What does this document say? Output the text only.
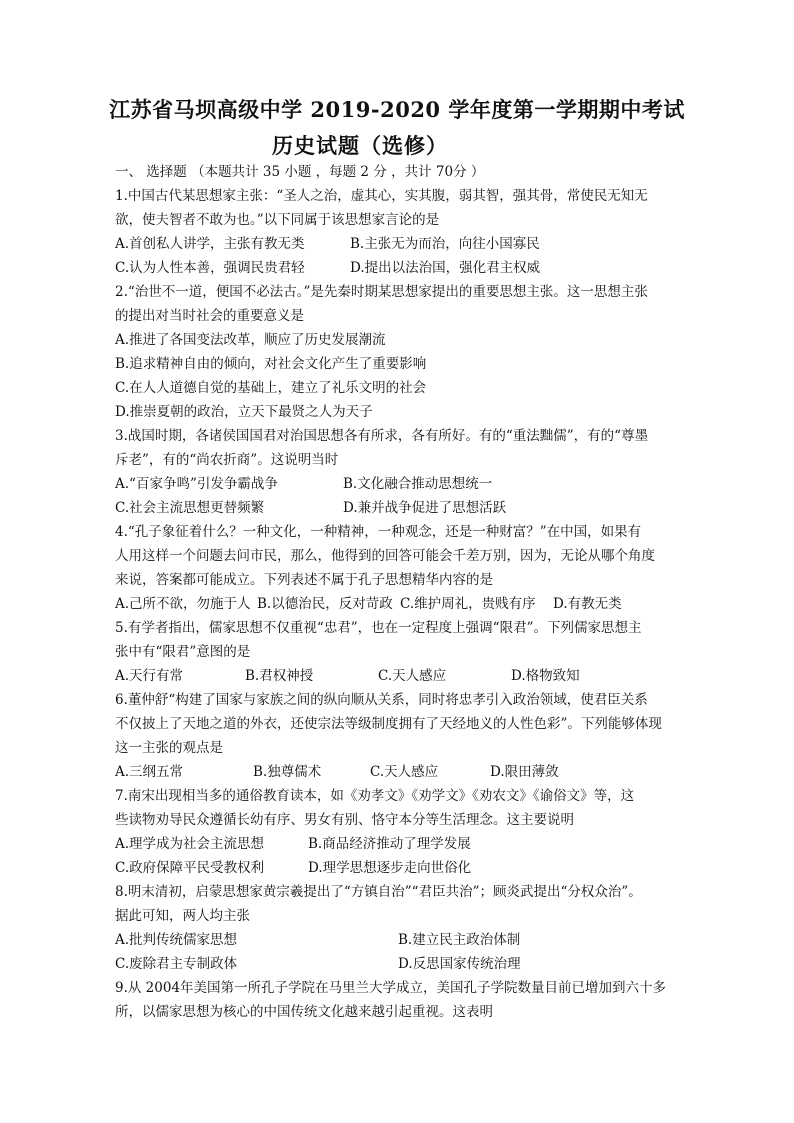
江苏省马坝高级中学 2019-2020 学年度第一学期期中考试
历史试题（选修）
一、 选择题 （本题共计 35 小题 ，每题 2 分 ，共计 70分 ）
1.中国古代某思想家主张：“圣人之治，虚其心，实其腹，弱其智，强其骨，常使民无知无
欲，使夫智者不敢为也。”以下同属于该思想家言论的是
A.首创私人讲学，主张有教无类	B.主张无为而治，向往小国寡民
C.认为人性本善，强调民贵君轻	D.提出以法治国，强化君主权威
2.“治世不一道，便国不必法古。”是先秦时期某思想家提出的重要思想主张。这一思想主张
的提出对当时社会的重要意义是
A.推进了各国变法改革，顺应了历史发展潮流
B.追求精神自由的倾向，对社会文化产生了重要影响
C.在人人道德自觉的基础上，建立了礼乐文明的社会
D.推崇夏朝的政治，立天下最贤之人为天子
3.战国时期，各诸侯国国君对治国思想各有所求，各有所好。有的“重法黜儒”，有的“尊墨
斥老”，有的“尚农折商”。这说明当时
A.“百家争鸣”引发争霸战争	B.文化融合推动思想统一
C.社会主流思想更替频繁	D.兼并战争促进了思想活跃
4.“孔子象征着什么？一种文化，一种精神，一种观念，还是一种财富？”在中国，如果有
人用这样一个问题去问市民，那么，他得到的回答可能会千差万别，因为，无论从哪个角度
来说，答案都可能成立。下列表述不属于孔子思想精华内容的是
A.己所不欲，勿施于人 B.以德治民，反对苛政 C.维护周礼，贵贱有序 D.有教无类
5.有学者指出，儒家思想不仅重视“忠君”，也在一定程度上强调“限君”。下列儒家思想主
张中有“限君”意图的是
A.天行有常	B.君权神授	C.天人感应	D.格物致知
6.董仲舒“构建了国家与家族之间的纵向顺从关系，同时将忠孝引入政治领域，使君臣关系
不仅披上了天地之道的外衣，还使宗法等级制度拥有了天经地义的人性色彩”。下列能够体现
这一主张的观点是
A.三纲五常	B.独尊儒术	C.天人感应	D.限田薄敛
7.南宋出现相当多的通俗教育读本，如《劝孝文》《劝学文》《劝农文》《谕俗文》等，这
些读物劝导民众遵循长幼有序、男女有别、恪守本分等生活理念。这主要说明
A.理学成为社会主流思想	B.商品经济推动了理学发展
C.政府保障平民受教权利	D.理学思想逐步走向世俗化
8.明末清初，启蒙思想家黄宗羲提出了“方镇自治”“君臣共治”；顾炎武提出“分权众治”。
据此可知，两人均主张
A.批判传统儒家思想	B.建立民主政治体制
C.废除君主专制政体	D.反思国家传统治理
9.从 2004年美国第一所孔子学院在马里兰大学成立，美国孔子学院数量目前已增加到六十多
所，以儒家思想为核心的中国传统文化越来越引起重视。这表明
